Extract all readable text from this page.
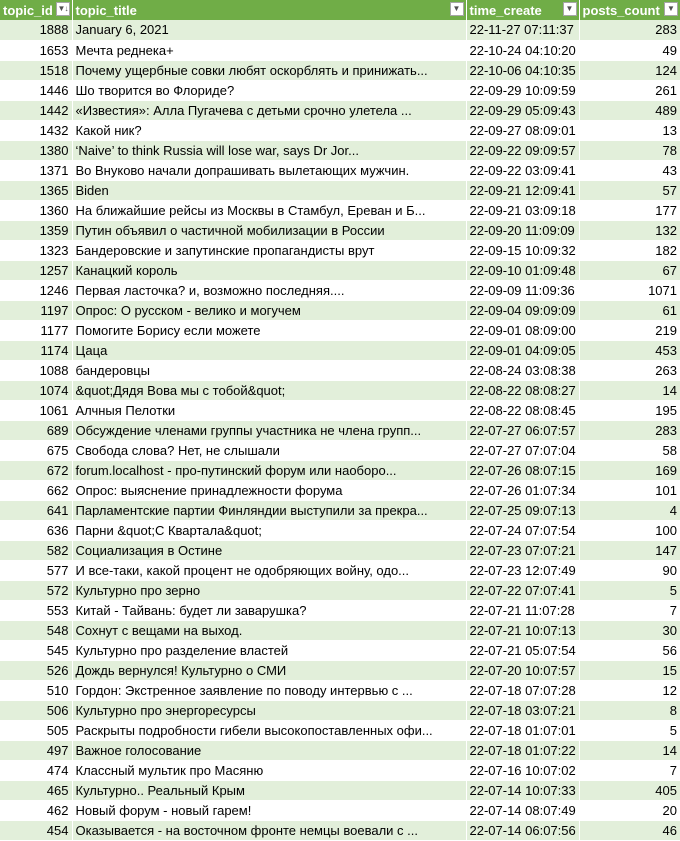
topic_id ▼↓	topic_title ▼	time_create ▼	posts_count ▼

1888	January 6, 2021	22-11-27 07:11:37	283
1653	Мечта реднека+	22-10-24 04:10:20	49
1518	Почему ущербные совки любят оскорблять и принижать...	22-10-06 04:10:35	124
1446	Шо творится во Флориде?	22-09-29 10:09:59	261
1442	«Известия»: Алла Пугачева с детьми срочно улетела ...	22-09-29 05:09:43	489
1432	Какой ник?	22-09-27 08:09:01	13
1380	‘Naive’ to think Russia will lose war, says Dr Jor...	22-09-22 09:09:57	78
1371	Во Внуково начали допрашивать вылетающих мужчин.	22-09-22 03:09:41	43
1365	Biden	22-09-21 12:09:41	57
1360	На ближайшие рейсы из Москвы в Стамбул, Ереван и Б...	22-09-21 03:09:18	177
1359	Путин объявил о частичной мобилизации в России	22-09-20 11:09:09	132
1323	Бандеровские и запутинские пропагандисты врут	22-09-15 10:09:32	182
1257	Канацкий король	22-09-10 01:09:48	67
1246	Первая ласточка? и, возможно последняя....	22-09-09 11:09:36	1071
1197	Опрос: О русском - велико и могучем	22-09-04 09:09:09	61
1177	Помогите Борису если можете	22-09-01 08:09:00	219
1174	Цаца	22-09-01 04:09:05	453
1088	бандеровцы	22-08-24 03:08:38	263
1074	&quot;Дядя Вова мы с тобой&quot;	22-08-22 08:08:27	14
1061	Алчныя Пелотки	22-08-22 08:08:45	195
689	Обсуждение членами группы участника не члена групп...	22-07-27 06:07:57	283
675	Свобода слова? Нет, не слышали	22-07-27 07:07:04	58
672	forum.localhost - про-путинский форум или наоборо...	22-07-26 08:07:15	169
662	Опрос: выяснение принадлежности форума	22-07-26 01:07:34	101
641	Парламентские партии Финляндии выступили за прекра...	22-07-25 09:07:13	4
636	Парни &quot;С Квартала&quot;	22-07-24 07:07:54	100
582	Социализация в Остине	22-07-23 07:07:21	147
577	И все-таки, какой процент не одобряющих войну, одо...	22-07-23 12:07:49	90
572	Культурно про зерно	22-07-22 07:07:41	5
553	Китай - Тайвань: будет ли заварушка?	22-07-21 11:07:28	7
548	Сохнут с вещами на выход.	22-07-21 10:07:13	30
545	Культурно про разделение властей	22-07-21 05:07:54	56
526	Дождь вернулся! Культурно о СМИ	22-07-20 10:07:57	15
510	Гордон: Экстренное заявление по поводу интервью с ...	22-07-18 07:07:28	12
506	Культурно про энергоресурсы	22-07-18 03:07:21	8
505	Раскрыты подробности гибели высокопоставленных офи...	22-07-18 01:07:01	5
497	Важное голосование	22-07-18 01:07:22	14
474	Классный мультик про Масяню	22-07-16 10:07:02	7
465	Культурно.. Реальный Крым	22-07-14 10:07:33	405
462	Новый форум - новый гарем!	22-07-14 08:07:49	20
454	Оказывается - на восточном фронте немцы воевали с ...	22-07-14 06:07:56	46
